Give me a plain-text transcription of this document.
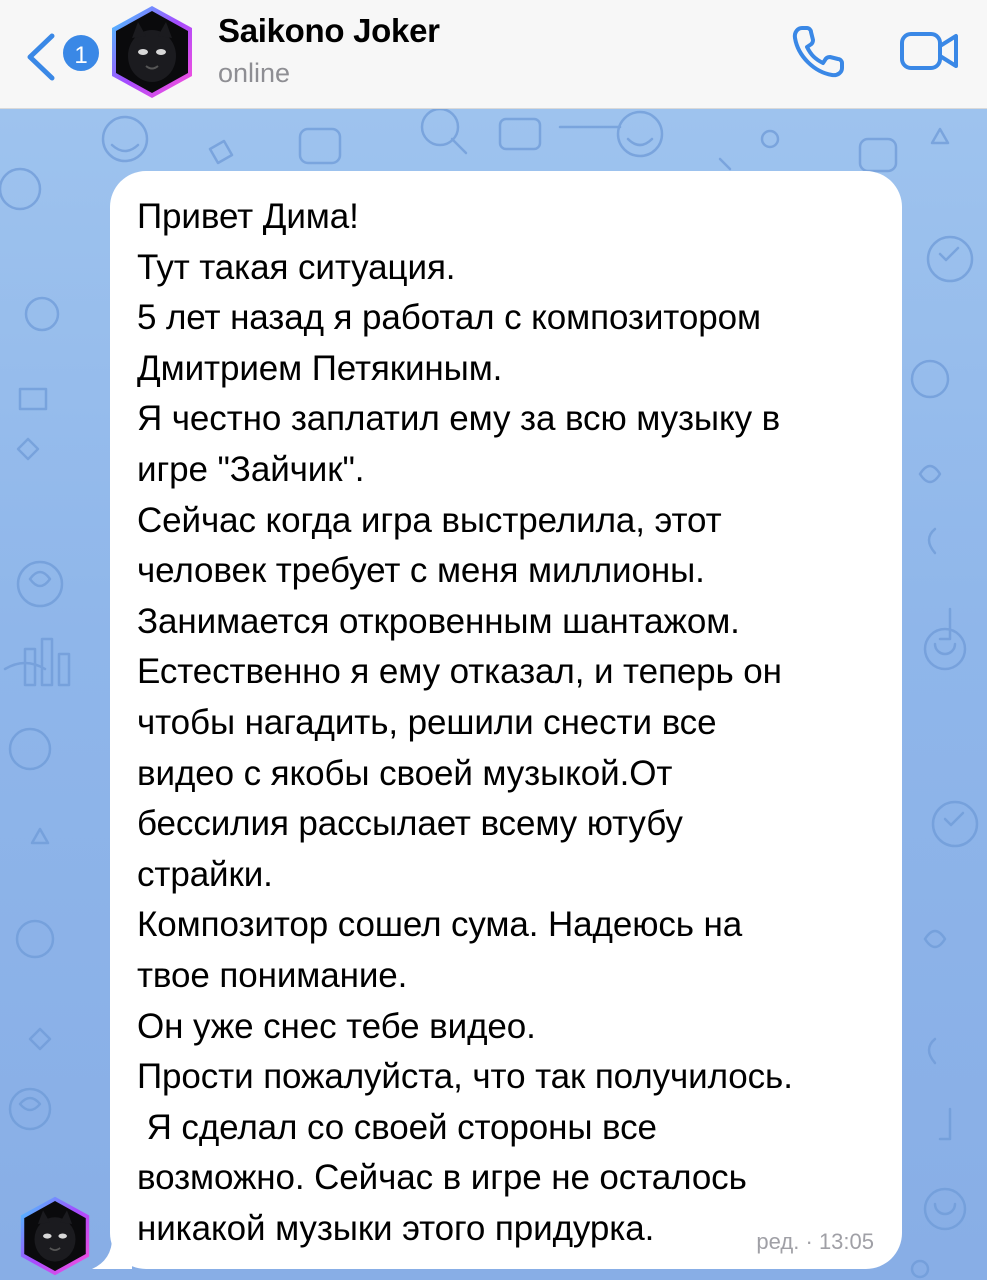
1
Saikono Joker
online
Привет Дима!
Тут такая ситуация.
5 лет назад я работал с композитором
Дмитрием Петякиным.
Я честно заплатил ему за всю музыку в
игре "Зайчик".
Сейчас когда игра выстрелила, этот
человек требует с меня миллионы.
Занимается откровенным шантажом.
Естественно я ему отказал, и теперь он
чтобы нагадить, решили снести все
видео с якобы своей музыкой.От
бессилия рассылает всему ютубу
страйки.
Композитор сошел сума. Надеюсь на
твое понимание.
Он уже снес тебе видео.
Прости пожалуйста, что так получилось.
Я сделал со своей стороны все
возможно. Сейчас в игре не осталось
никакой музыки этого придурка.	ред. · 13:05
